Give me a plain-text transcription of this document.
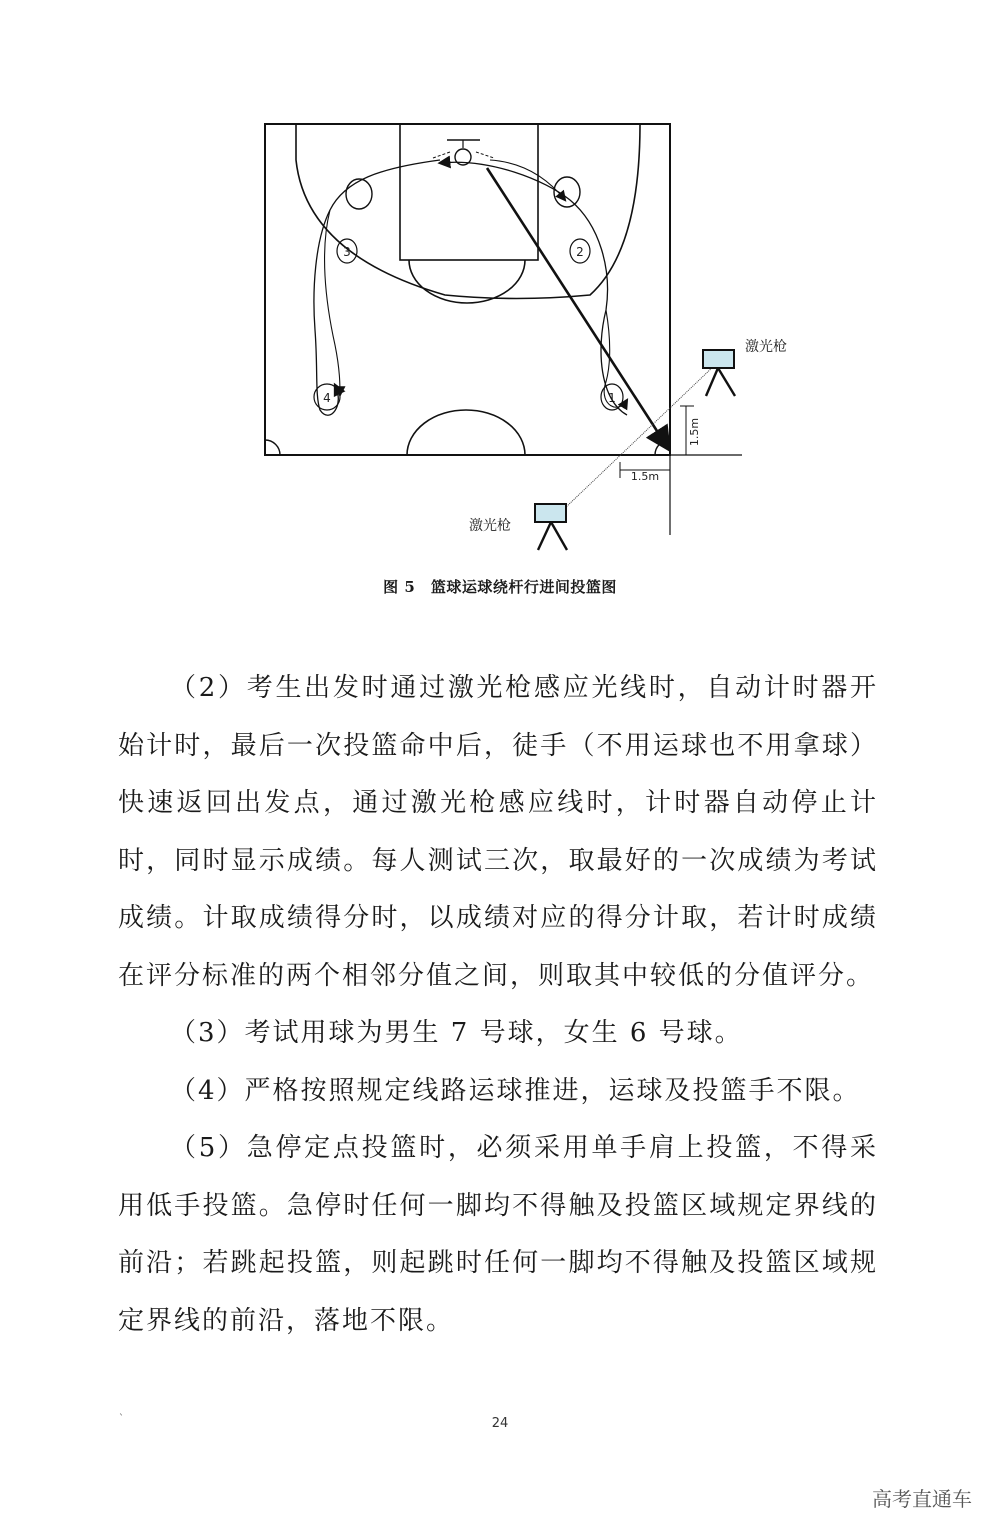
3	2
4	1
1.5m
1.5m
激光枪
激光枪
图 5　篮球运球绕杆行进间投篮图

（2）考生出发时通过激光枪感应光线时，自动计时器开始计时，最后一次投篮命中后，徒手（不用运球也不用拿球）快速返回出发点，通过激光枪感应线时，计时器自动停止计时，同时显示成绩。每人测试三次，取最好的一次成绩为考试成绩。计取成绩得分时，以成绩对应的得分计取，若计时成绩在评分标准的两个相邻分值之间，则取其中较低的分值评分。

（3）考试用球为男生 7 号球，女生 6 号球。

（4）严格按照规定线路运球推进，运球及投篮手不限。

（5）急停定点投篮时，必须采用单手肩上投篮，不得采用低手投篮。急停时任何一脚均不得触及投篮区域规定界线的前沿；若跳起投篮，则起跳时任何一脚均不得触及投篮区域规定界线的前沿，落地不限。

`	24
高考直通车
